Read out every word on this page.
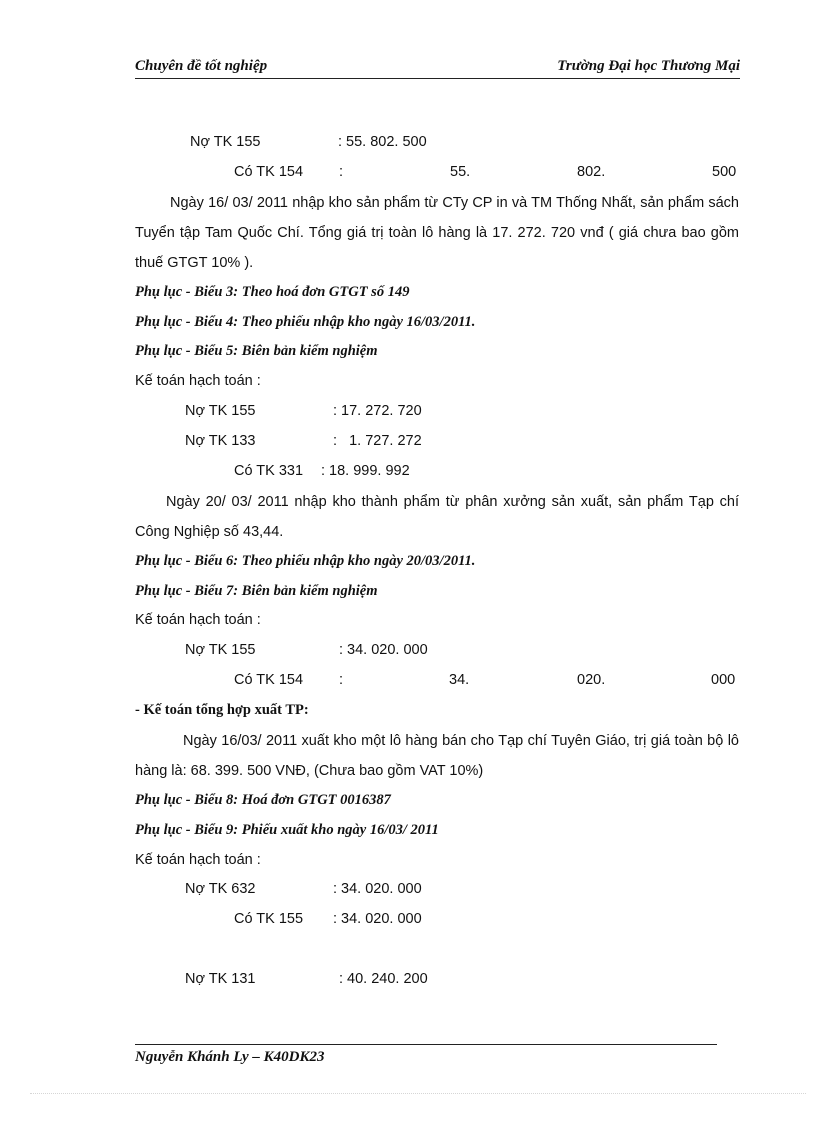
Chuyên đề tốt nghiệp	Trường Đại học Thương Mại
Nợ TK 155	: 55. 802. 500
Có TK 154 :	55.	802.	500
Ngày 16/ 03/ 2011 nhập kho sản phẩm từ CTy CP in và TM Thống Nhất, sản phẩm sách Tuyển tập Tam Quốc Chí. Tổng giá trị toàn lô hàng là 17. 272. 720 vnđ ( giá chưa bao gồm thuế GTGT 10% ).
Phụ lục - Biểu 3: Theo hoá đơn GTGT số 149
Phụ lục - Biểu 4: Theo phiếu nhập kho ngày 16/03/2011.
Phụ lục - Biểu 5: Biên bản kiểm nghiệm
Kế toán hạch toán :
Nợ TK 155	: 17. 272. 720
Nợ TK 133	:   1. 727. 272
Có TK 331 : 18. 999. 992
Ngày 20/ 03/ 2011 nhập kho thành phẩm từ phân xưởng sản xuất, sản phẩm Tạp chí Công Nghiệp số 43,44.
Phụ lục - Biểu 6: Theo phiếu nhập kho ngày 20/03/2011.
Phụ lục - Biểu 7: Biên bản kiểm nghiệm
Kế toán hạch toán :
Nợ TK 155	: 34. 020. 000
Có TK 154 :	34.	020.	000
- Kế toán tổng hợp xuất TP:
Ngày 16/03/ 2011 xuất kho một lô hàng bán cho Tạp chí Tuyên Giáo, trị giá toàn bộ lô hàng là: 68. 399. 500 VNĐ, (Chưa bao gồm VAT 10%)
Phụ lục - Biểu 8: Hoá đơn GTGT 0016387
Phụ lục - Biểu 9: Phiếu xuất kho ngày 16/03/ 2011
Kế toán hạch toán :
Nợ TK 632	: 34. 020. 000
Có TK 155 : 34. 020. 000
Nợ TK 131	: 40. 240. 200
Nguyễn Khánh Ly – K40DK23
